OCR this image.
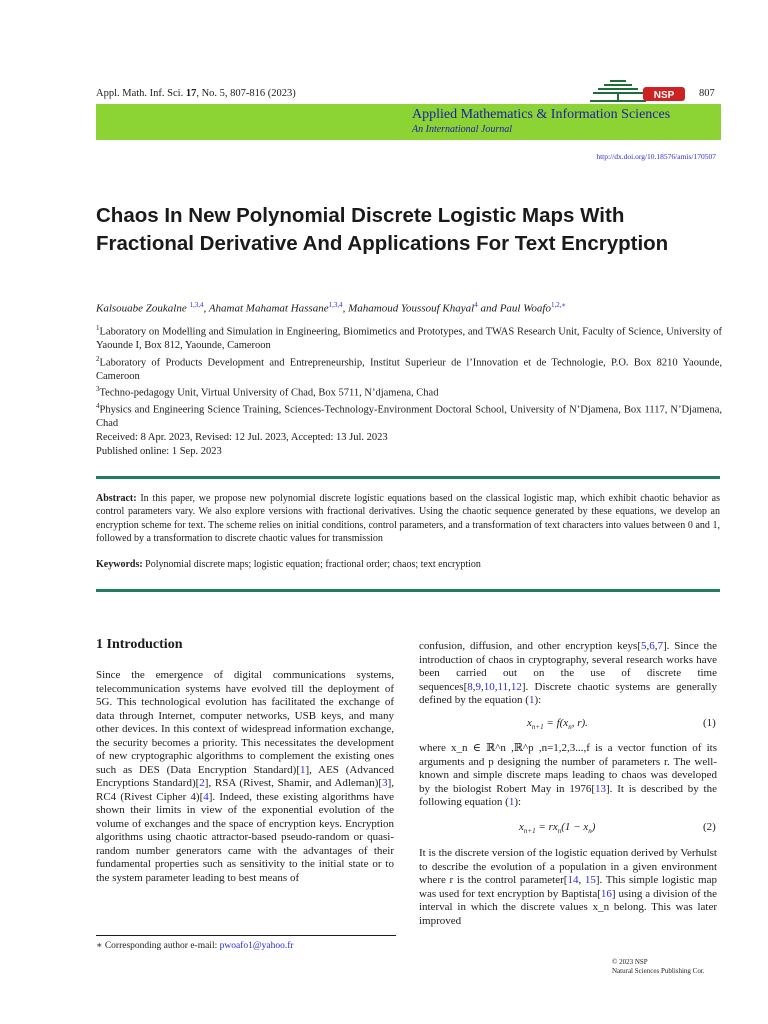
Appl. Math. Inf. Sci. 17, No. 5, 807-816 (2023)	NSP 807
Applied Mathematics & Information Sciences
An International Journal
http://dx.doi.org/10.18576/amis/170507
Chaos In New Polynomial Discrete Logistic Maps With Fractional Derivative And Applications For Text Encryption
Kalsouabe Zoukalne $^{1,3,4}$, Ahamat Mahamat Hassane$^{1,3,4}$, Mahamoud Youssouf Khayal$^4$ and Paul Woafo$^{1,2,∗}$
$^1$Laboratory on Modelling and Simulation in Engineering, Biomimetics and Prototypes, and TWAS Research Unit, Faculty of Science, University of Yaounde I, Box 812, Yaounde, Cameroon
$^2$Laboratory of Products Development and Entrepreneurship, Institut Superieur de l’Innovation et de Technologie, P.O. Box 8210 Yaounde, Cameroon
$^3$Techno-pedagogy Unit, Virtual University of Chad, Box 5711, N’djamena, Chad
$^4$Physics and Engineering Science Training, Sciences-Technology-Environment Doctoral School, University of N’Djamena, Box 1117, N’Djamena, Chad
Received: 8 Apr. 2023, Revised: 12 Jul. 2023, Accepted: 13 Jul. 2023
Published online: 1 Sep. 2023
Abstract: In this paper, we propose new polynomial discrete logistic equations based on the classical logistic map, which exhibit chaotic behavior as control parameters vary. We also explore versions with fractional derivatives. Using the chaotic sequence generated by these equations, we develop an encryption scheme for text. The scheme relies on initial conditions, control parameters, and a transformation of text characters into values between 0 and 1, followed by a transformation to discrete chaotic values for transmission
Keywords: Polynomial discrete maps; logistic equation; fractional order; chaos; text encryption
1 Introduction

Since the emergence of digital communications systems, telecommunication systems have evolved till the deployment of 5G. This technological evolution has facilitated the exchange of data through Internet, computer networks, USB keys, and many other devices. In this context of widespread information exchange, the security becomes a priority. This necessitates the development of new cryptographic algorithms to complement the existing ones such as DES (Data Encryption Standard)[1], AES (Advanced Encryptions Standard)[2], RSA (Rivest, Shamir, and Adleman)[3], RC4 (Rivest Cipher 4)[4]. Indeed, these existing algorithms have shown their limits in view of the exponential evolution of the volume of exchanges and the space of encryption keys. Encryption algorithms using chaotic attractor-based pseudo-random or quasi-random number generators came with the advantages of their fundamental properties such as sensitivity to the initial state or to the system parameter leading to best means of

confusion, diffusion, and other encryption keys[5,6,7]. Since the introduction of chaos in cryptography, several research works have been carried out on the use of discrete time sequences[8,9,10,11,12]. Discrete chaotic systems are generally defined by the equation (1):

$x_{n+1} = f(x_n$, r).	(1)

where x_n ∈ ℝ^n ,ℝ^p ,n=1,2,3...,f is a vector function of its arguments and p designing the number of parameters r. The well-known and simple discrete maps leading to chaos was developed by the biologist Robert May in 1976[13]. It is described by the following equation (1):

$x_{n+1} = rx_n(1 - x_n)$	(2)

It is the discrete version of the logistic equation derived by Verhulst to describe the evolution of a population in a given environment where r is the control parameter[14, 15]. This simple logistic map was used for text encryption by Baptista[16] using a division of the interval in which the discrete values x_n belong. This was later improved

∗ Corresponding author e-mail: pwoafo1@yahoo.fr
© 2023 NSP
Natural Sciences Publishing Cor.
